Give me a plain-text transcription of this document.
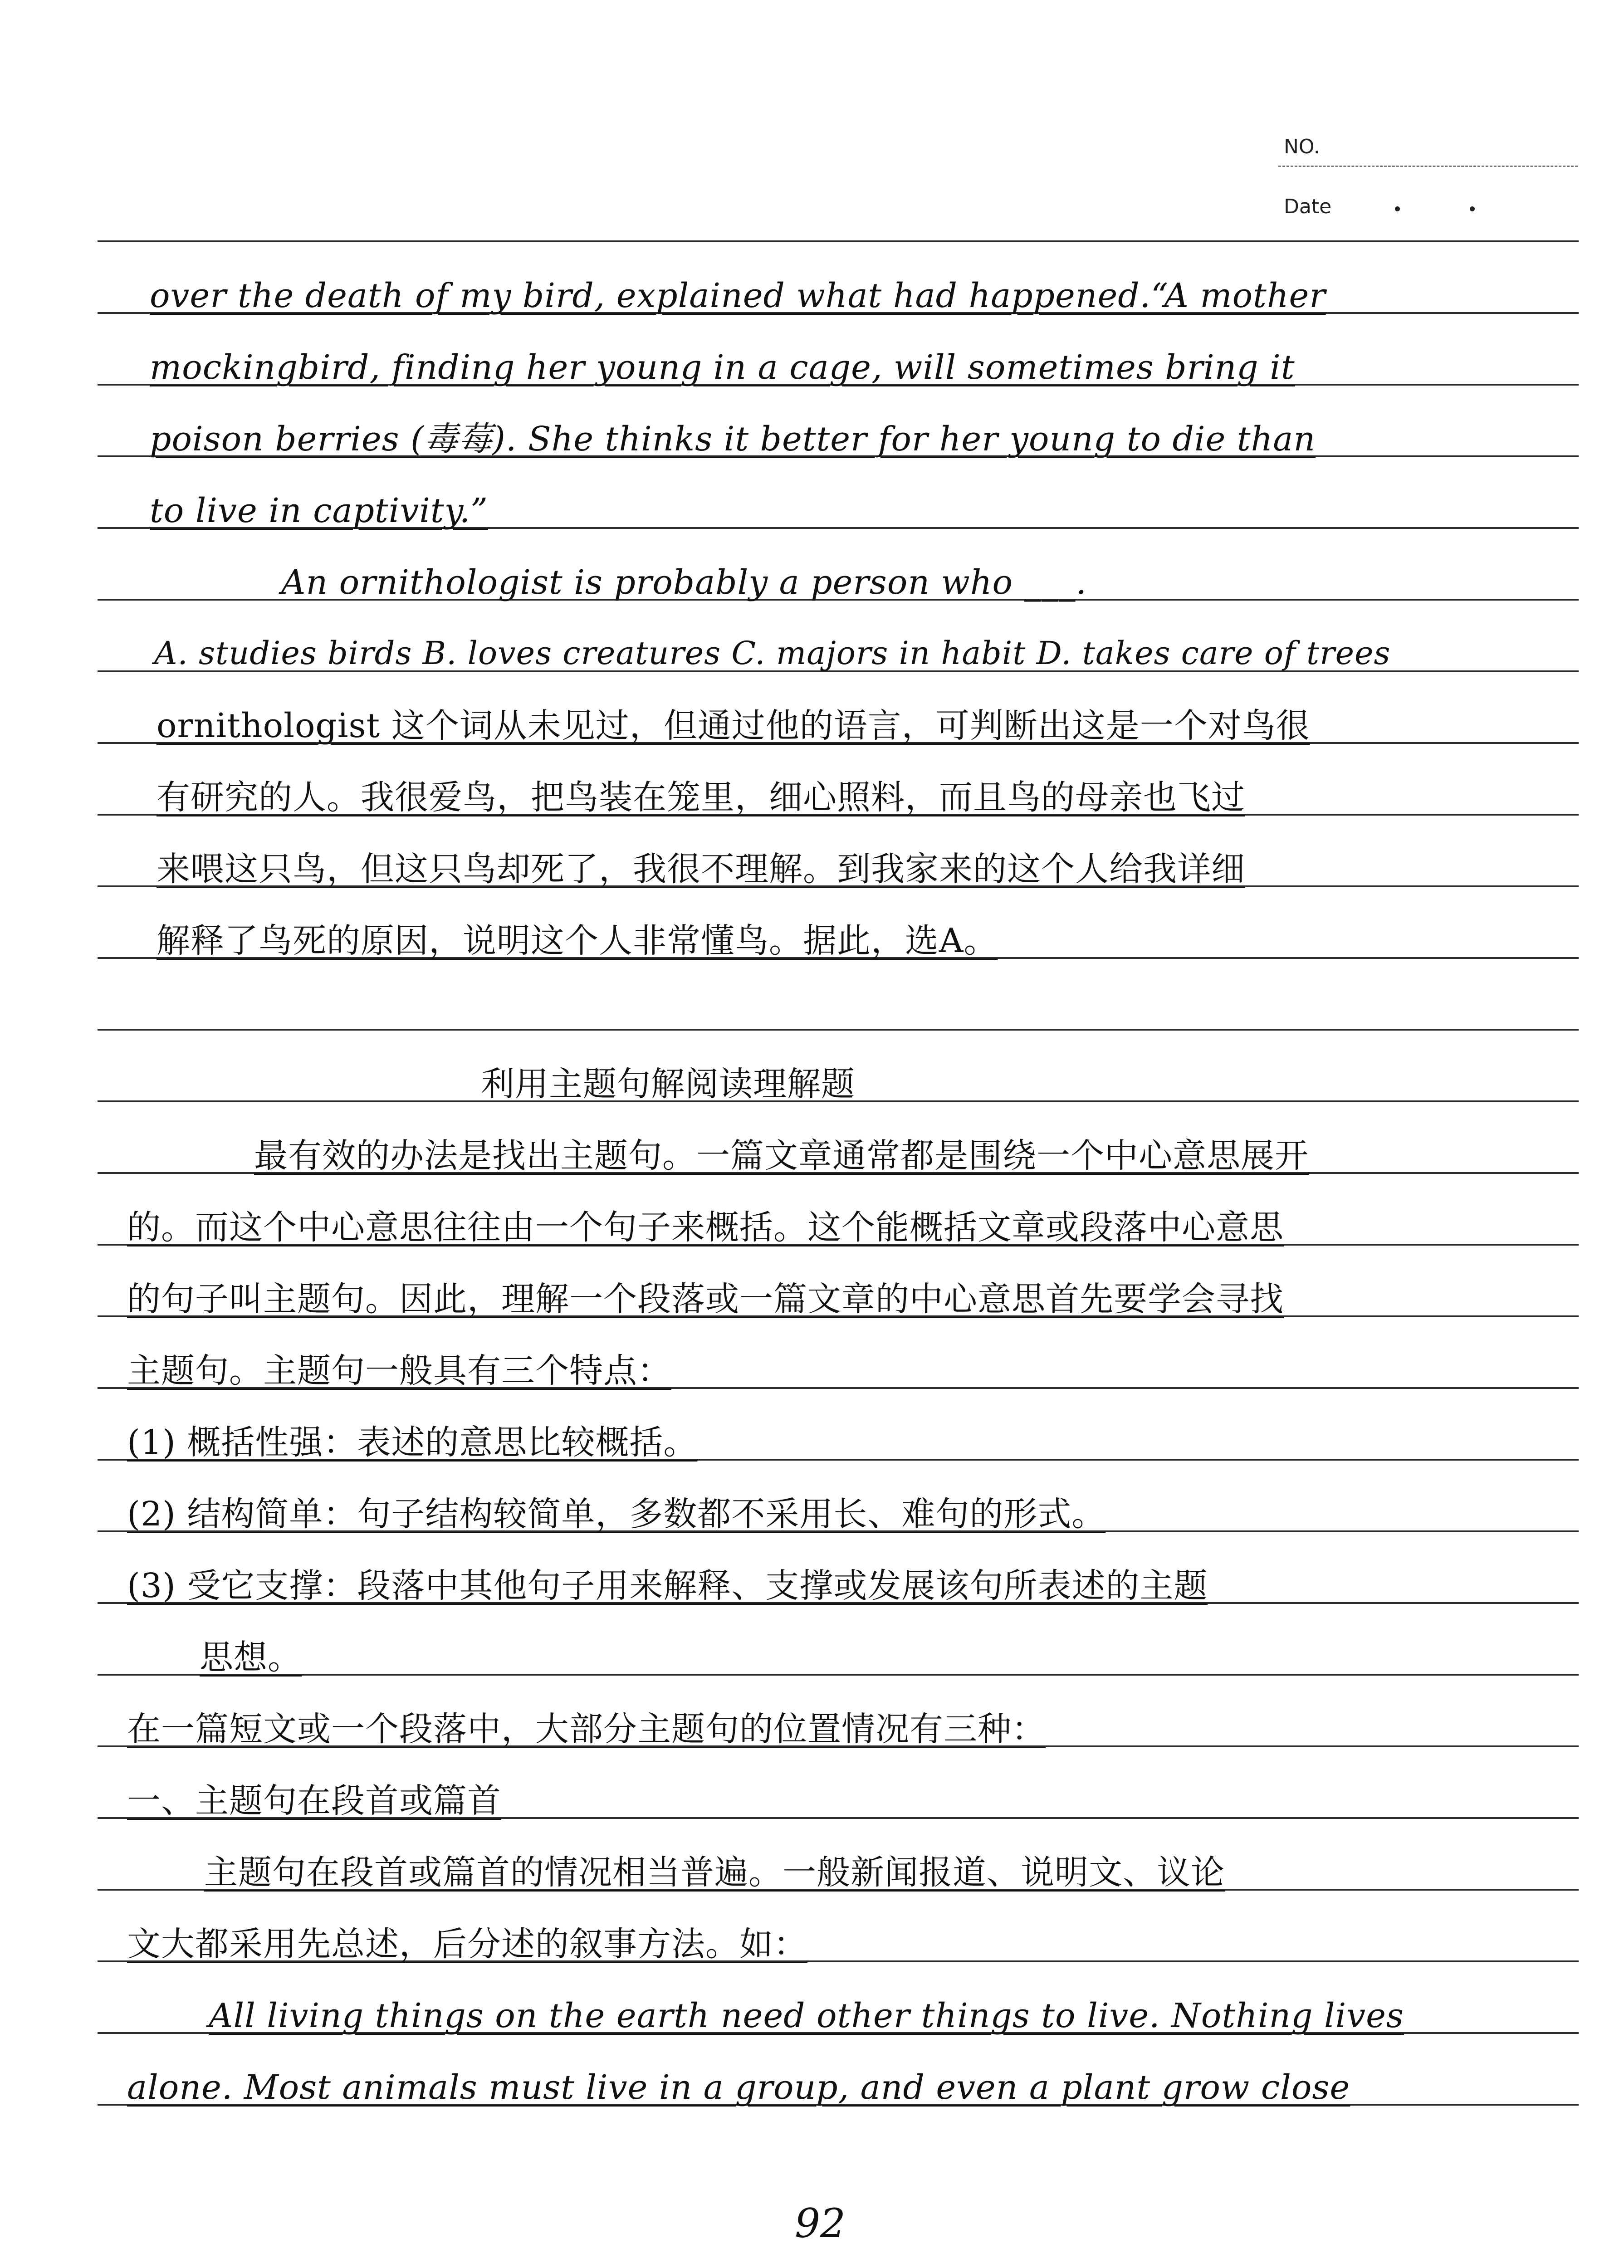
NO.
Date
over the death of my bird, explained what had happened.“A mother
mockingbird, finding her young in a cage, will sometimes bring it
poison berries (毒莓). She thinks it better for her young to die than
to live in captivity.”
An ornithologist is probably a person who ___.
A. studies birds B. loves creatures C. majors in habit D. takes care of trees
ornithologist 这个词从未见过，但通过他的语言，可判断出这是一个对鸟很
有研究的人。我很爱鸟，把鸟装在笼里，细心照料，而且鸟的母亲也飞过
来喂这只鸟，但这只鸟却死了，我很不理解。到我家来的这个人给我详细
解释了鸟死的原因，说明这个人非常懂鸟。据此，选A。
利用主题句解阅读理解题
最有效的办法是找出主题句。一篇文章通常都是围绕一个中心意思展开
的。而这个中心意思往往由一个句子来概括。这个能概括文章或段落中心意思
的句子叫主题句。因此，理解一个段落或一篇文章的中心意思首先要学会寻找
主题句。主题句一般具有三个特点：
(1) 概括性强：表述的意思比较概括。
(2) 结构简单：句子结构较简单，多数都不采用长、难句的形式。
(3) 受它支撑：段落中其他句子用来解释、支撑或发展该句所表述的主题
思想。
在一篇短文或一个段落中，大部分主题句的位置情况有三种：
一、主题句在段首或篇首
主题句在段首或篇首的情况相当普遍。一般新闻报道、说明文、议论
文大都采用先总述，后分述的叙事方法。如：
All living things on the earth need other things to live. Nothing lives
alone. Most animals must live in a group, and even a plant grow close
92
